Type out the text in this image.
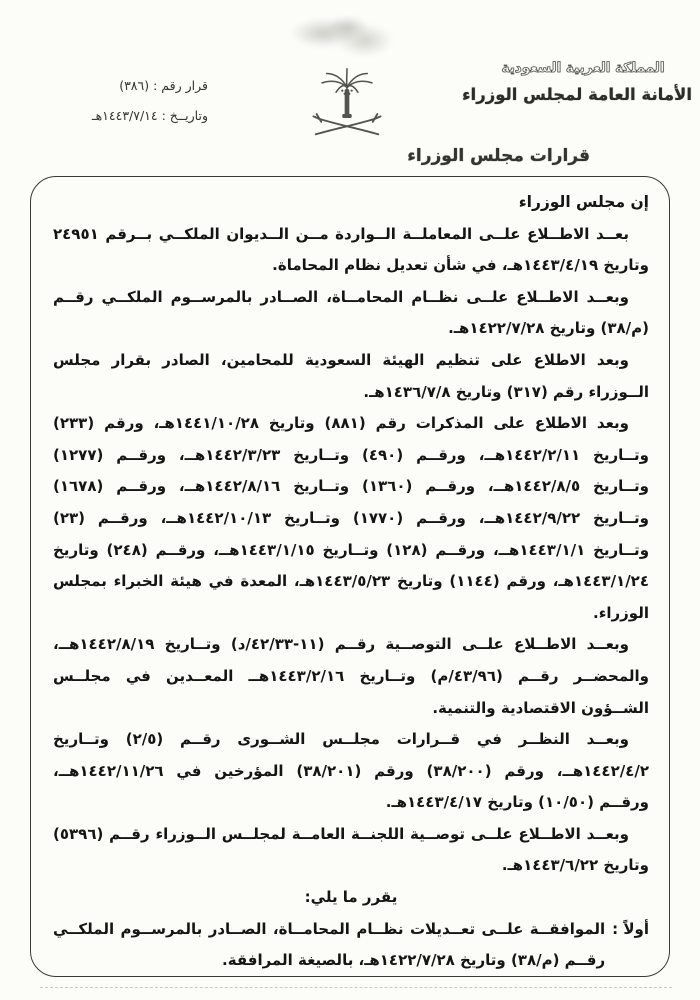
قرار رقم : (٣٨٦)
وتاريــخ : ١٤٤٣/٧/١٤هـ
المملكة العربية السعودية
الأمانة العامة لمجلس الوزراء
قرارات مجلس الوزراء

إن مجلس الوزراء

بعــد الاطــلاع علــى المعاملــة الــواردة مــن الــديوان الملكــي بــرقم ٢٤٩٥١ وتاريخ ١٤٤٣/٤/١٩هـ، في شأن تعديل نظام المحاماة.

وبعــد الاطــلاع علــى نظــام المحامــاة، الصــادر بالمرســوم الملكــي رقــم (م/٣٨) وتاريخ ١٤٢٢/٧/٢٨هـ.

وبعد الاطلاع على تنظيم الهيئة السعودية للمحامين، الصادر بقرار مجلس الــوزراء رقم (٣١٧) وتاريخ ١٤٣٦/٧/٨هـ.

وبعد الاطلاع على المذكرات رقم (٨٨١) وتاريخ ١٤٤١/١٠/٢٨هـ، ورقم (٢٣٣) وتــاريخ ١٤٤٢/٢/١١هــ، ورقــم (٤٩٠) وتــاريخ ١٤٤٢/٣/٢٣هــ، ورقــم (١٢٧٧) وتــاريخ ١٤٤٢/٨/٥هــ، ورقــم (١٣٦٠) وتــاريخ ١٤٤٢/٨/١٦هــ، ورقــم (١٦٧٨) وتــاريخ ١٤٤٢/٩/٢٢هــ، ورقــم (١٧٧٠) وتــاريخ ١٤٤٢/١٠/١٣هــ، ورقــم (٢٣) وتــاريخ ١٤٤٣/١/١هــ، ورقــم (١٢٨) وتــاريخ ١٤٤٣/١/١٥هــ، ورقــم (٢٤٨) وتاريخ ١٤٤٣/١/٢٤هـ، ورقم (١١٤٤) وتاريخ ١٤٤٣/٥/٢٣هـ، المعدة في هيئة الخبراء بمجلس الوزراء.

وبعــد الاطــلاع علــى التوصــية رقــم (١١-٤٢/٣٣/د) وتــاريخ ١٤٤٢/٨/١٩هــ، والمحضــر رقــم (٤٣/٩٦/م) وتــاريخ ١٤٤٣/٢/١٦هــ المعــدين في مجلــس الشــؤون الاقتصادية والتنمية.

وبعــد النظــر في قــرارات مجلــس الشــورى رقــم (٢/٥) وتــاريخ ١٤٤٢/٤/٢هــ، ورقم (٣٨/٢٠٠) ورقم (٣٨/٢٠١) المؤرخين في ١٤٤٢/١١/٢٦هــ، ورقــم (١٠/٥٠) وتاريخ ١٤٤٣/٤/١٧هـ.

وبعــد الاطــلاع علــى توصــية اللجنــة العامــة لمجلــس الــوزراء رقــم (٥٣٩٦) وتاريخ ١٤٤٣/٦/٢٢هـ.

يقرر ما يلي:

أولاً :
الموافقــة علــى تعــديلات نظــام المحامــاة، الصــادر بالمرســوم الملكــي رقــم (م/٣٨) وتاريخ ١٤٢٢/٧/٢٨هـ، بالصيغة المرافقة.
